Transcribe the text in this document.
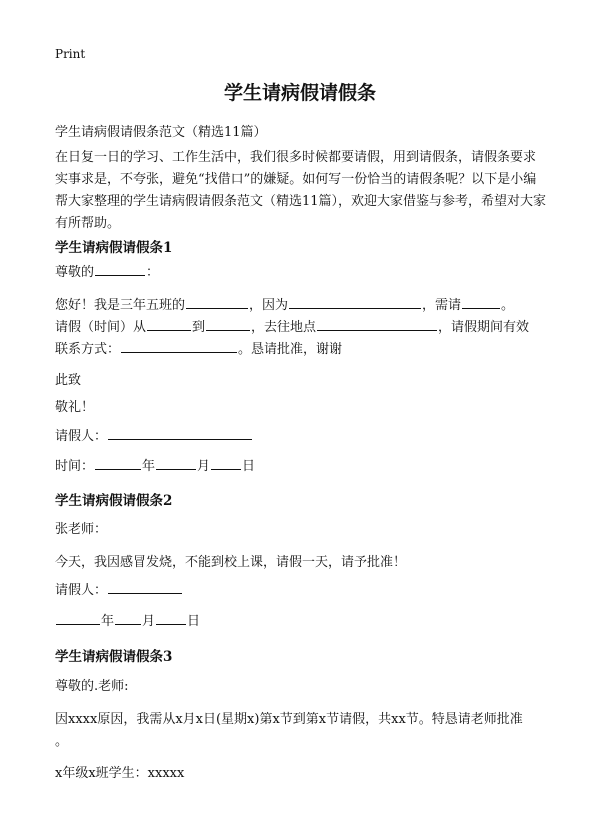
Print
学生请病假请假条
学生请病假请假条范文（精选11篇）
在日复一日的学习、工作生活中，我们很多时候都要请假，用到请假条，请假条要求实事求是，不夸张，避免“找借口”的嫌疑。如何写一份恰当的请假条呢？以下是小编帮大家整理的学生请病假请假条范文（精选11篇），欢迎大家借鉴与参考，希望对大家有所帮助。
学生请病假请假条1
尊敬的	：
您好！我是三年五班的	，因为	，需请	。
请假（时间）从	到	，去往地点	，请假期间有效
联系方式：	。恳请批准，谢谢
此致
敬礼！
请假人：
时间：	年	月 日
学生请病假请假条2
张老师：
今天，我因感冒发烧，不能到校上课，请假一天，请予批准！
请假人：
年 月 日
学生请病假请假条3
尊敬的.老师:
因xxxx原因，我需从x月x日(星期x)第x节到第x节请假，共xx节。特恳请老师批准
。
x年级x班学生：xxxxx
